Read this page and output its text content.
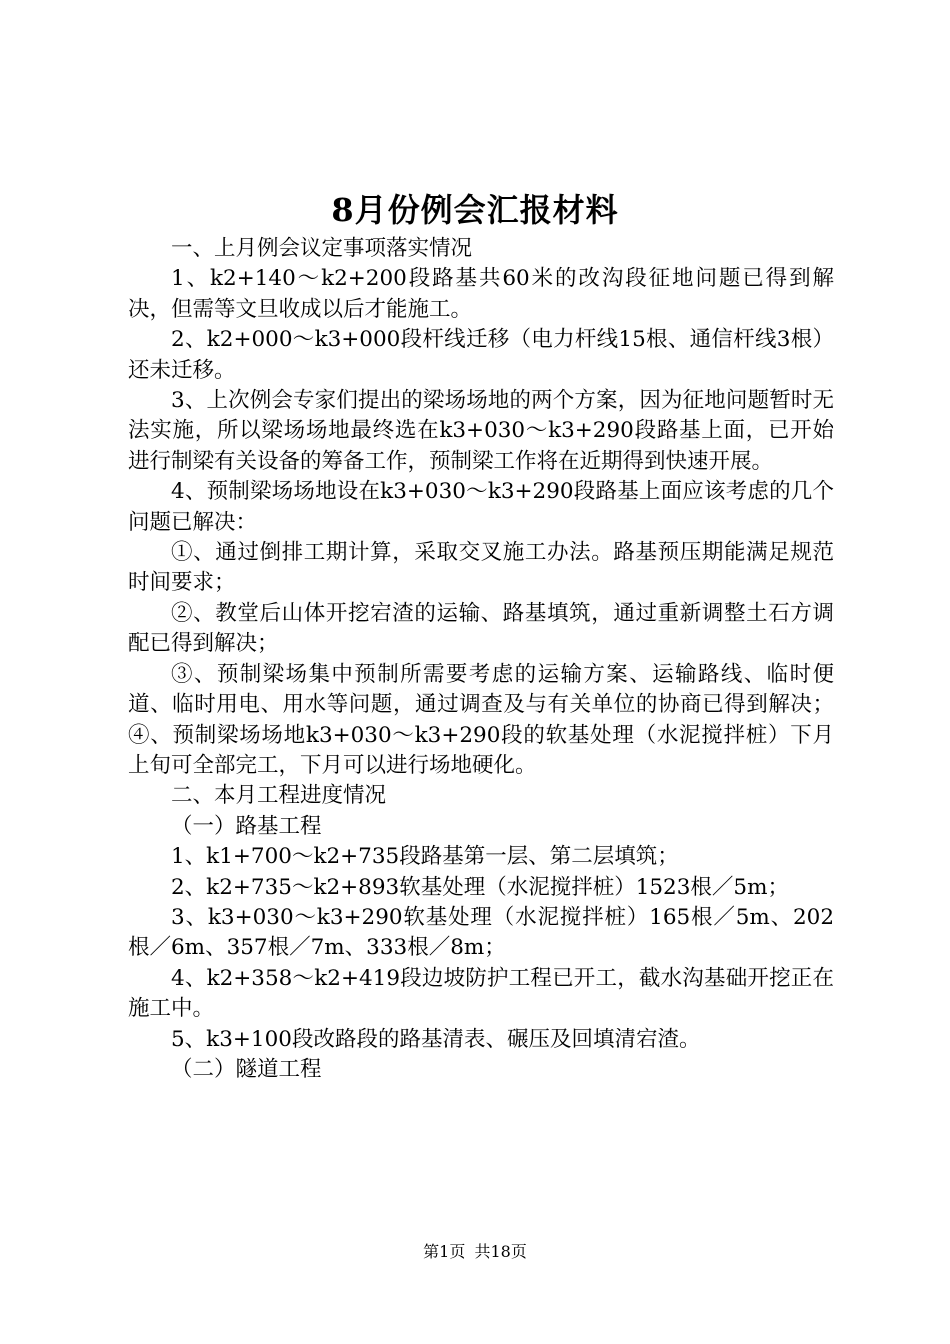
8月份例会汇报材料

一、上月例会议定事项落实情况

1、k2+140～k2+200段路基共60米的改沟段征地问题已得到解决，但需等文旦收成以后才能施工。

2、k2+000～k3+000段杆线迁移（电力杆线15根、通信杆线3根）还未迁移。

3、上次例会专家们提出的梁场场地的两个方案，因为征地问题暂时无法实施，所以梁场场地最终选在k3+030～k3+290段路基上面，已开始进行制梁有关设备的筹备工作，预制梁工作将在近期得到快速开展。

4、预制梁场场地设在k3+030～k3+290段路基上面应该考虑的几个问题已解决：

①、通过倒排工期计算，采取交叉施工办法。路基预压期能满足规范时间要求；

②、教堂后山体开挖宕渣的运输、路基填筑，通过重新调整土石方调配已得到解决；

③、预制梁场集中预制所需要考虑的运输方案、运输路线、临时便道、临时用电、用水等问题，通过调查及与有关单位的协商已得到解决；④、预制梁场场地k3+030～k3+290段的软基处理（水泥搅拌桩）下月上旬可全部完工，下月可以进行场地硬化。

二、本月工程进度情况

（一）路基工程

1、k1+700～k2+735段路基第一层、第二层填筑；

2、k2+735～k2+893软基处理（水泥搅拌桩）1523根／5m；

3、k3+030～k3+290软基处理（水泥搅拌桩）165根／5m、202根／6m、357根／7m、333根／8m；

4、k2+358～k2+419段边坡防护工程已开工，截水沟基础开挖正在施工中。

5、k3+100段改路段的路基清表、碾压及回填清宕渣。

（二）隧道工程

第1页 共18页
